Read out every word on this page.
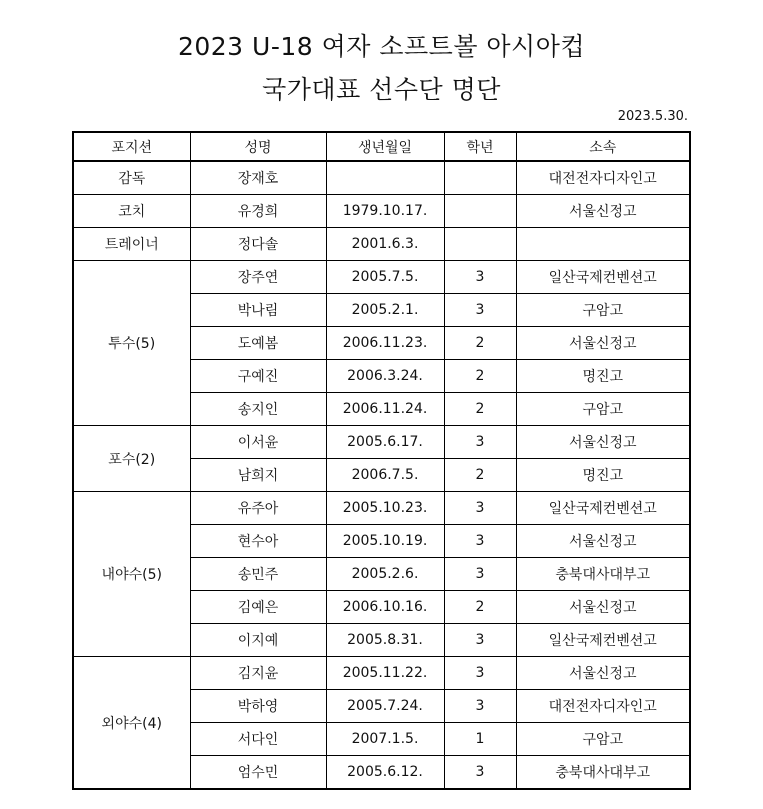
2023 U-18 여자 소프트볼 아시아컵
국가대표 선수단 명단
2023.5.30.
포지션	성명	생년월일	학년	소속
감독	장재호			대전전자디자인고
코치	유경희	1979.10.17.		서울신정고
트레이너	정다솔	2001.6.3.		
투수(5)	장주연	2005.7.5.	3	일산국제컨벤션고
	박나림	2005.2.1.	3	구암고
	도예봄	2006.11.23.	2	서울신정고
	구예진	2006.3.24.	2	명진고
	송지인	2006.11.24.	2	구암고
포수(2)	이서윤	2005.6.17.	3	서울신정고
	남희지	2006.7.5.	2	명진고
내야수(5)	유주아	2005.10.23.	3	일산국제컨벤션고
	현수아	2005.10.19.	3	서울신정고
	송민주	2005.2.6.	3	충북대사대부고
	김예은	2006.10.16.	2	서울신정고
	이지예	2005.8.31.	3	일산국제컨벤션고
외야수(4)	김지윤	2005.11.22.	3	서울신정고
	박하영	2005.7.24.	3	대전전자디자인고
	서다인	2007.1.5.	1	구암고
	엄수민	2005.6.12.	3	충북대사대부고
